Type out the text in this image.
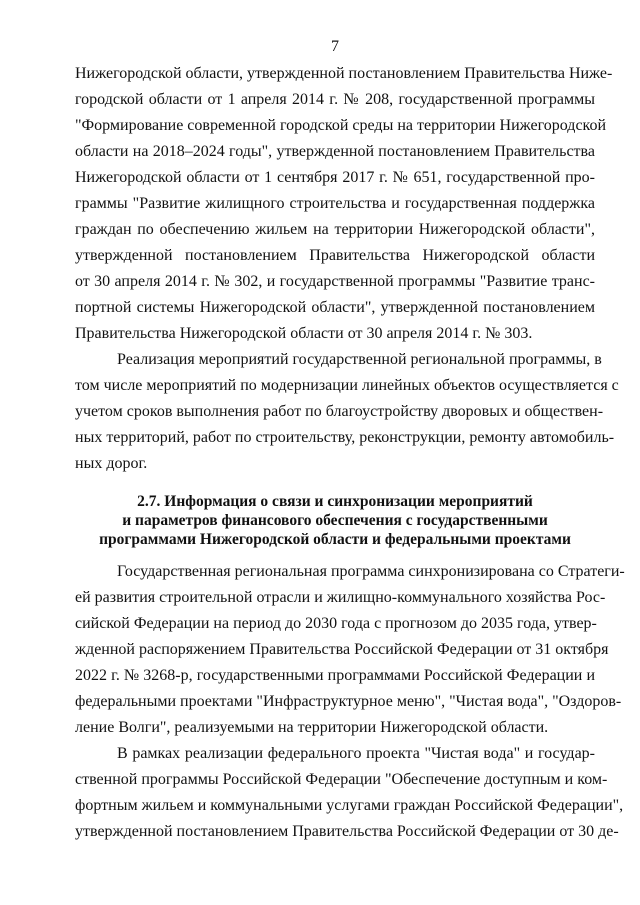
7
Нижегородской области, утвержденной постановлением Правительства Ниже-
городской области от 1 апреля 2014 г. № 208, государственной программы
"Формирование современной городской среды на территории Нижегородской
области на 2018–2024 годы", утвержденной постановлением Правительства
Нижегородской области от 1 сентября 2017 г. № 651, государственной про-
граммы "Развитие жилищного строительства и государственная поддержка
граждан по обеспечению жильем на территории Нижегородской области",
утвержденной постановлением Правительства Нижегородской области
от 30 апреля 2014 г. № 302, и государственной программы "Развитие транс-
портной системы Нижегородской области", утвержденной постановлением
Правительства Нижегородской области от 30 апреля 2014 г. № 303.
Реализация мероприятий государственной региональной программы, в
том числе мероприятий по модернизации линейных объектов осуществляется с
учетом сроков выполнения работ по благоустройству дворовых и обществен-
ных территорий, работ по строительству, реконструкции, ремонту автомобиль-
ных дорог.
2.7. Информация о связи и синхронизации мероприятий
и параметров финансового обеспечения с государственными
программами Нижегородской области и федеральными проектами
Государственная региональная программа синхронизирована со Стратеги-
ей развития строительной отрасли и жилищно-коммунального хозяйства Рос-
сийской Федерации на период до 2030 года с прогнозом до 2035 года, утвер-
жденной распоряжением Правительства Российской Федерации от 31 октября
2022 г. № 3268-р, государственными программами Российской Федерации и
федеральными проектами "Инфраструктурное меню", "Чистая вода", "Оздоров-
ление Волги", реализуемыми на территории Нижегородской области.
В рамках реализации федерального проекта "Чистая вода" и государ-
ственной программы Российской Федерации "Обеспечение доступным и ком-
фортным жильем и коммунальными услугами граждан Российской Федерации",
утвержденной постановлением Правительства Российской Федерации от 30 де-
